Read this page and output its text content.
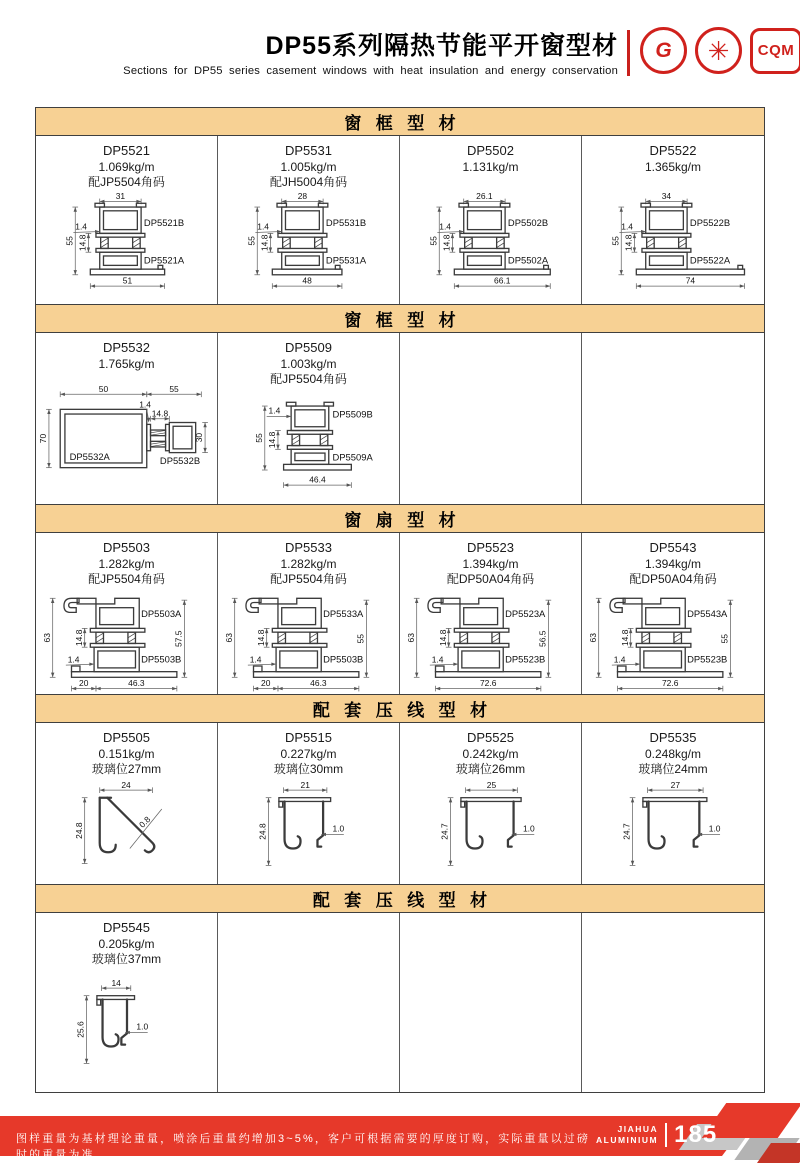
DP55系列隔热节能平开窗型材
Sections for DP55 series casement windows with heat insulation and energy conservation
G ✳ CQM
窗框型材
DP5521
1.069kg/m
配JP5504角码
31
51
55 14.8
1.4	DP5521B
DP5521A
DP5531
1.005kg/m
配JH5004角码
28
48
55 14.8
1.4	DP5531B
DP5531A
DP5502
1.131kg/m
26.1
66.1
55 14.8
1.4	DP5502B
DP5502A
DP5522
1.365kg/m
34
74
55 14.8
1.4	DP5522B
DP5522A
窗框型材
DP5532
1.765kg/m
50	55
DP5532A
70	30
14.8
1.4
DP5532B
DP5509
1.003kg/m
配JP5504角码
1.4
55 14.8
46.4
DP5509B
DP5509A
窗扇型材
DP5503
1.282kg/m
配JP5504角码
63 14.8
1.4
57.5
20	46.3
DP5503A
DP5503B
DP5533
1.282kg/m
配JP5504角码
63 14.8
1.4
55
20	46.3
DP5533A
DP5503B
DP5523
1.394kg/m
配DP50A04角码
63 14.8
1.4
56.5
72.6
DP5523A
DP5523B
DP5543
1.394kg/m
配DP50A04角码
63 14.8
1.4
55
72.6
DP5543A
DP5523B
配套压线型材
DP5505
0.151kg/m
玻璃位27mm
24
24.8
0.8
DP5515
0.227kg/m
玻璃位30mm
21
24.8	1.0
DP5525
0.242kg/m
玻璃位26mm
25
24.7	1.0
DP5535
0.248kg/m
玻璃位24mm
27
24.7	1.0
配套压线型材
DP5545
0.205kg/m
玻璃位37mm
14
25.6	1.0
图样重量为基材理论重量，喷涂后重量约增加3~5%，客户可根据需要的厚度订购，实际重量以过磅时的重量为准。
JIAHUA
ALUMINIUM 185
